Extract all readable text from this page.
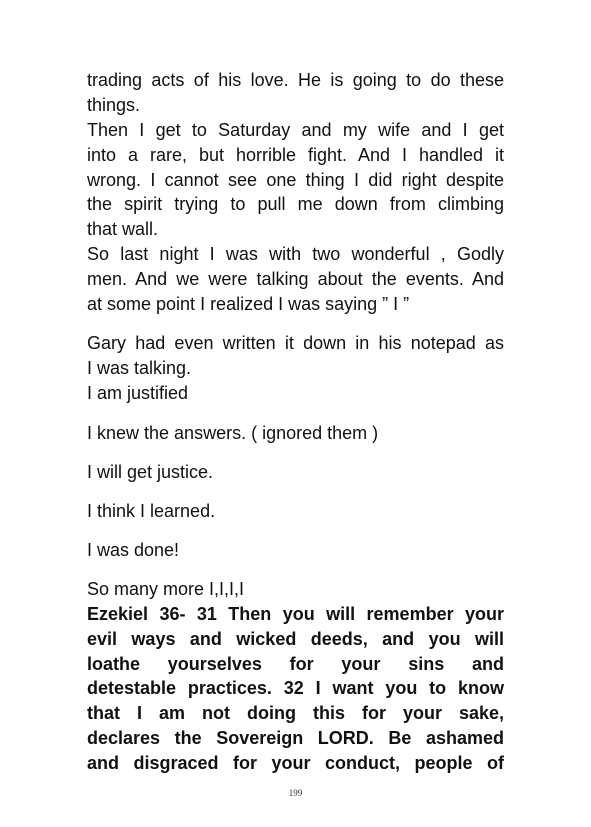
trading acts of his love. He is going to do these
things.
Then I get to Saturday and my wife and I get
into a rare, but horrible fight. And I handled it
wrong. I cannot see one thing I did right despite
the spirit trying to pull me down from climbing
that wall.
So last night I was with two wonderful , Godly
men. And we were talking about the events. And
at some point I realized I was saying ” I ”
Gary had even written it down in his notepad as
I was talking.
I am justified
I knew the answers. ( ignored them )
I will get justice.
I think I learned.
I was done!
So many more I,I,I,I
Ezekiel 36- 31 Then you will remember your
evil ways and wicked deeds, and you will
loathe yourselves for your sins and
detestable practices. 32 I want you to know
that I am not doing this for your sake,
declares the Sovereign LORD. Be ashamed
and disgraced for your conduct, people of
199
